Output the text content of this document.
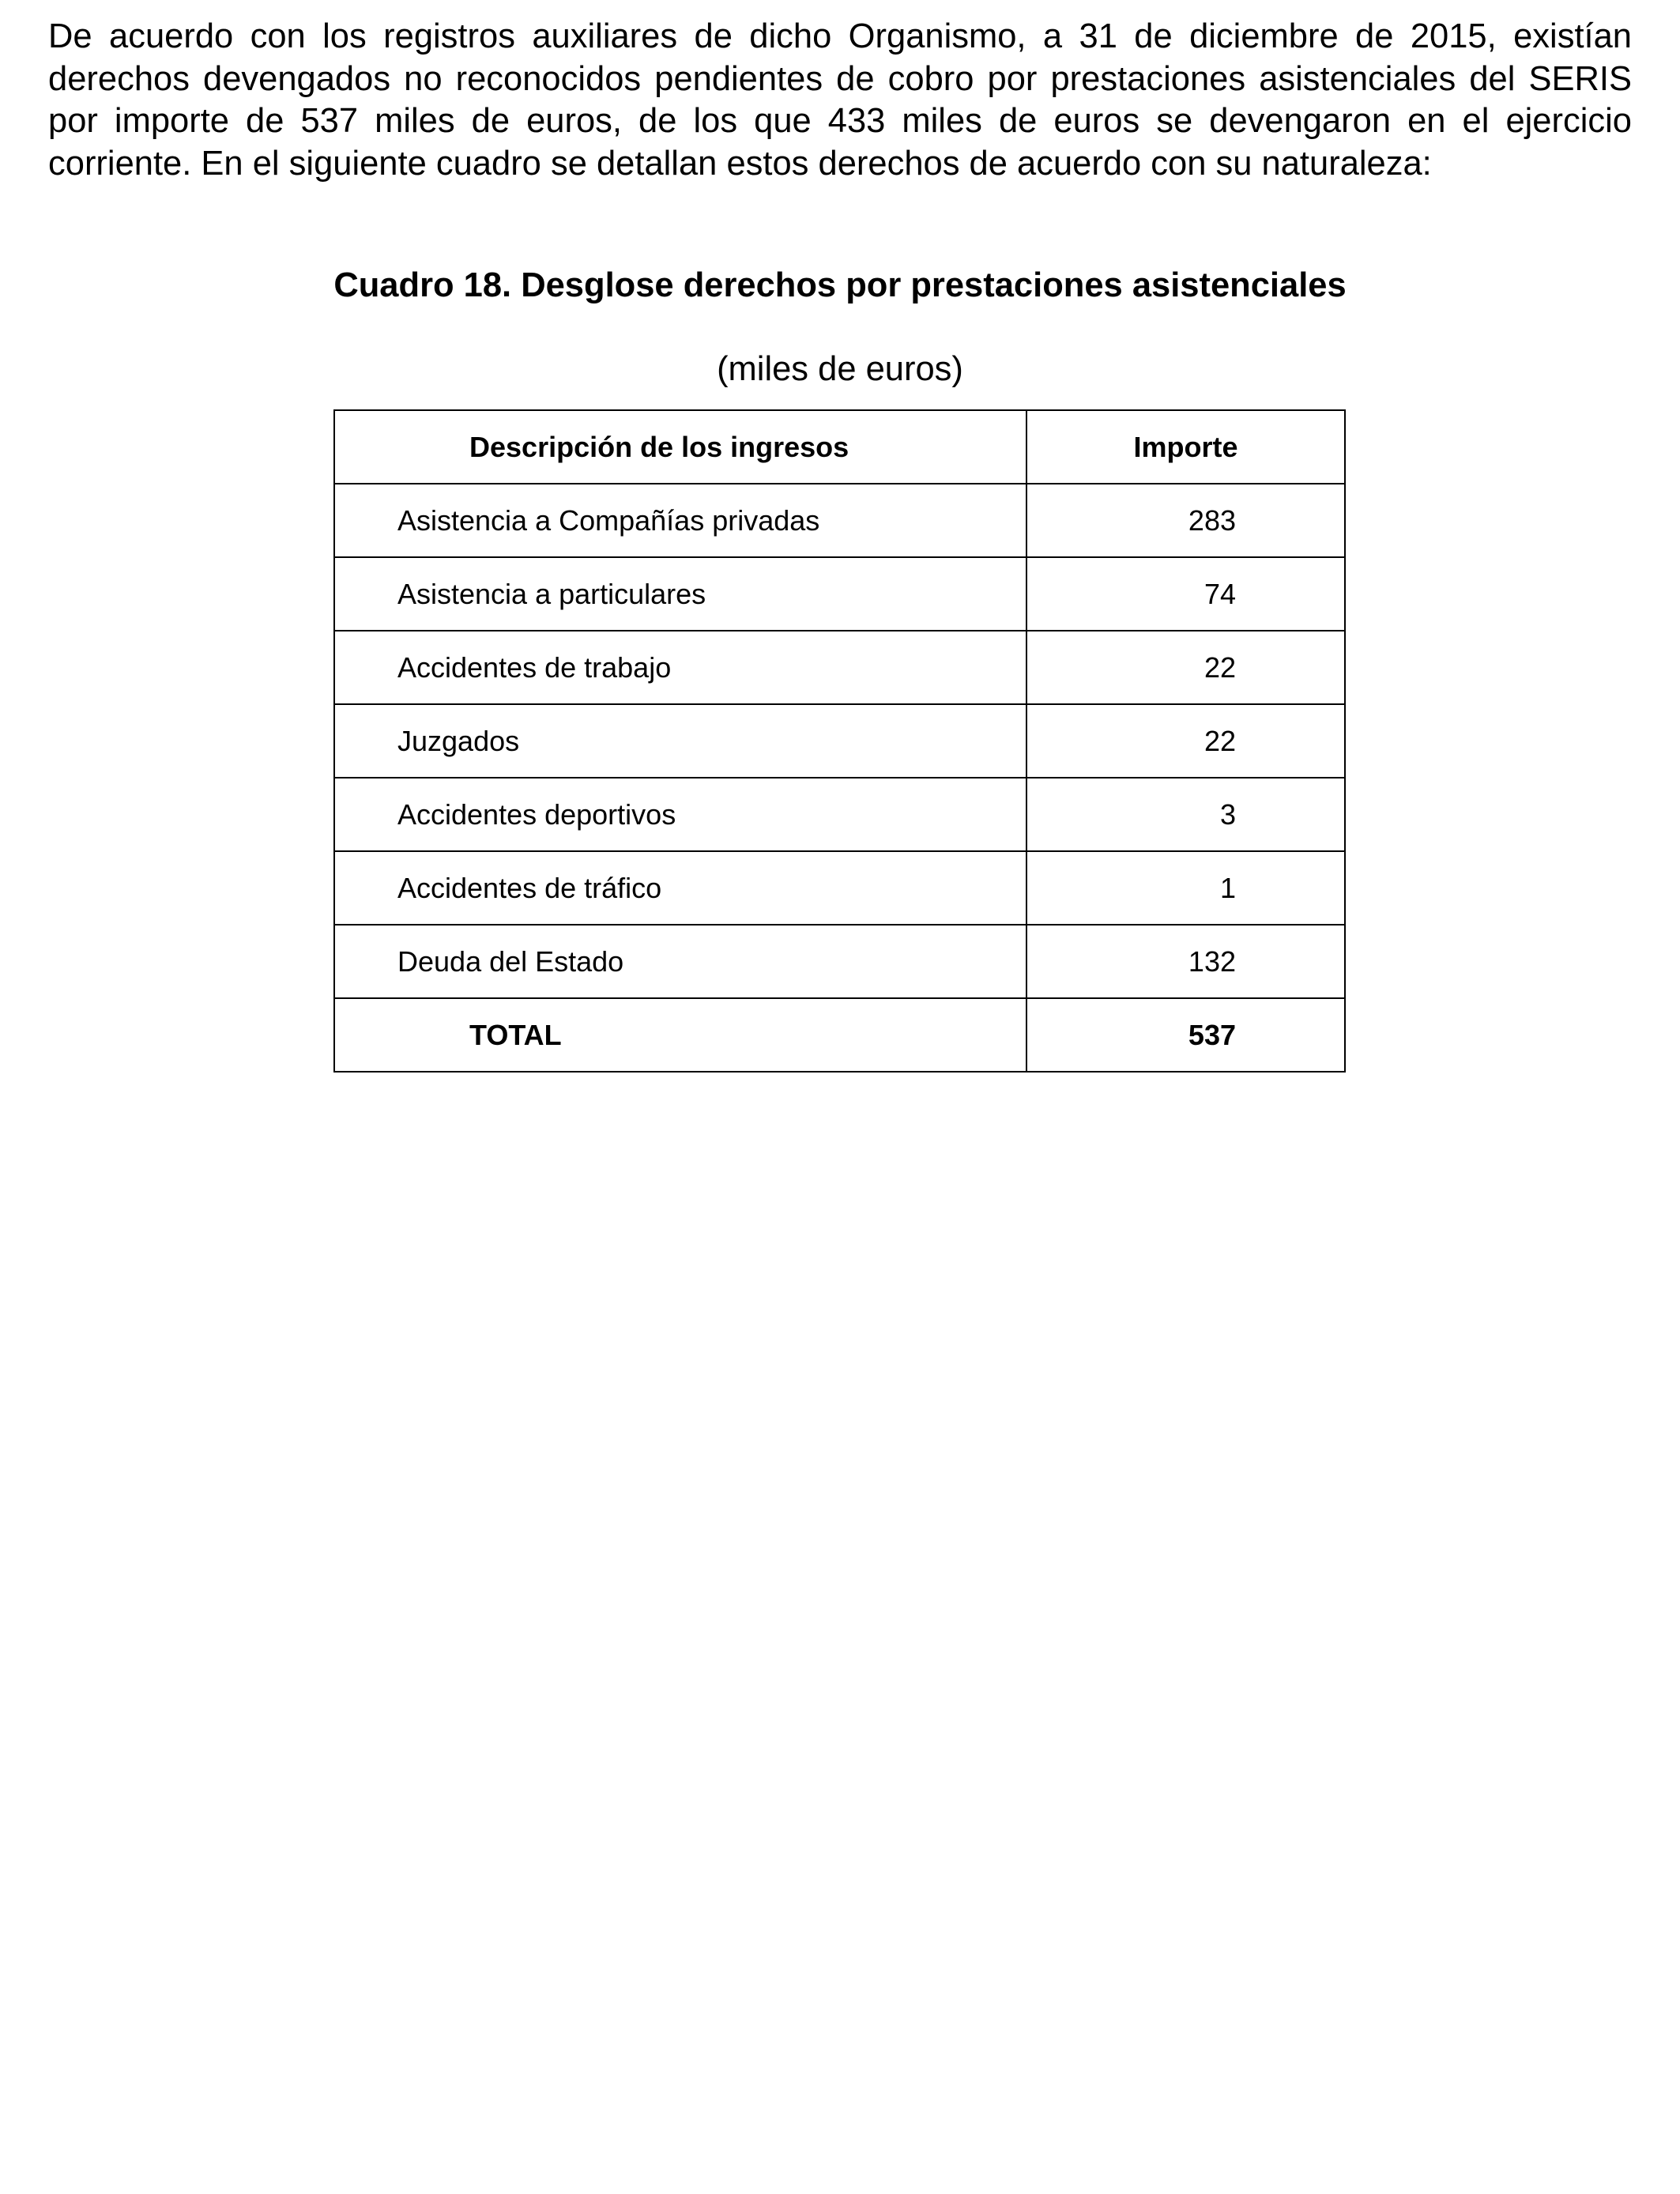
De acuerdo con los registros auxiliares de dicho Organismo, a 31 de diciembre de 2015, existían derechos devengados no reconocidos pendientes de cobro por prestaciones asistenciales del SERIS por importe de 537 miles de euros, de los que 433 miles de euros se devengaron en el ejercicio corriente. En el siguiente cuadro se detallan estos derechos de acuerdo con su naturaleza:

Cuadro 18. Desglose derechos por prestaciones asistenciales

(miles de euros)

Descripción de los ingresos	Importe
Asistencia a Compañías privadas	283
Asistencia a particulares	74
Accidentes de trabajo	22
Juzgados	22
Accidentes deportivos	3
Accidentes de tráfico	1
Deuda del Estado	132
TOTAL	537
